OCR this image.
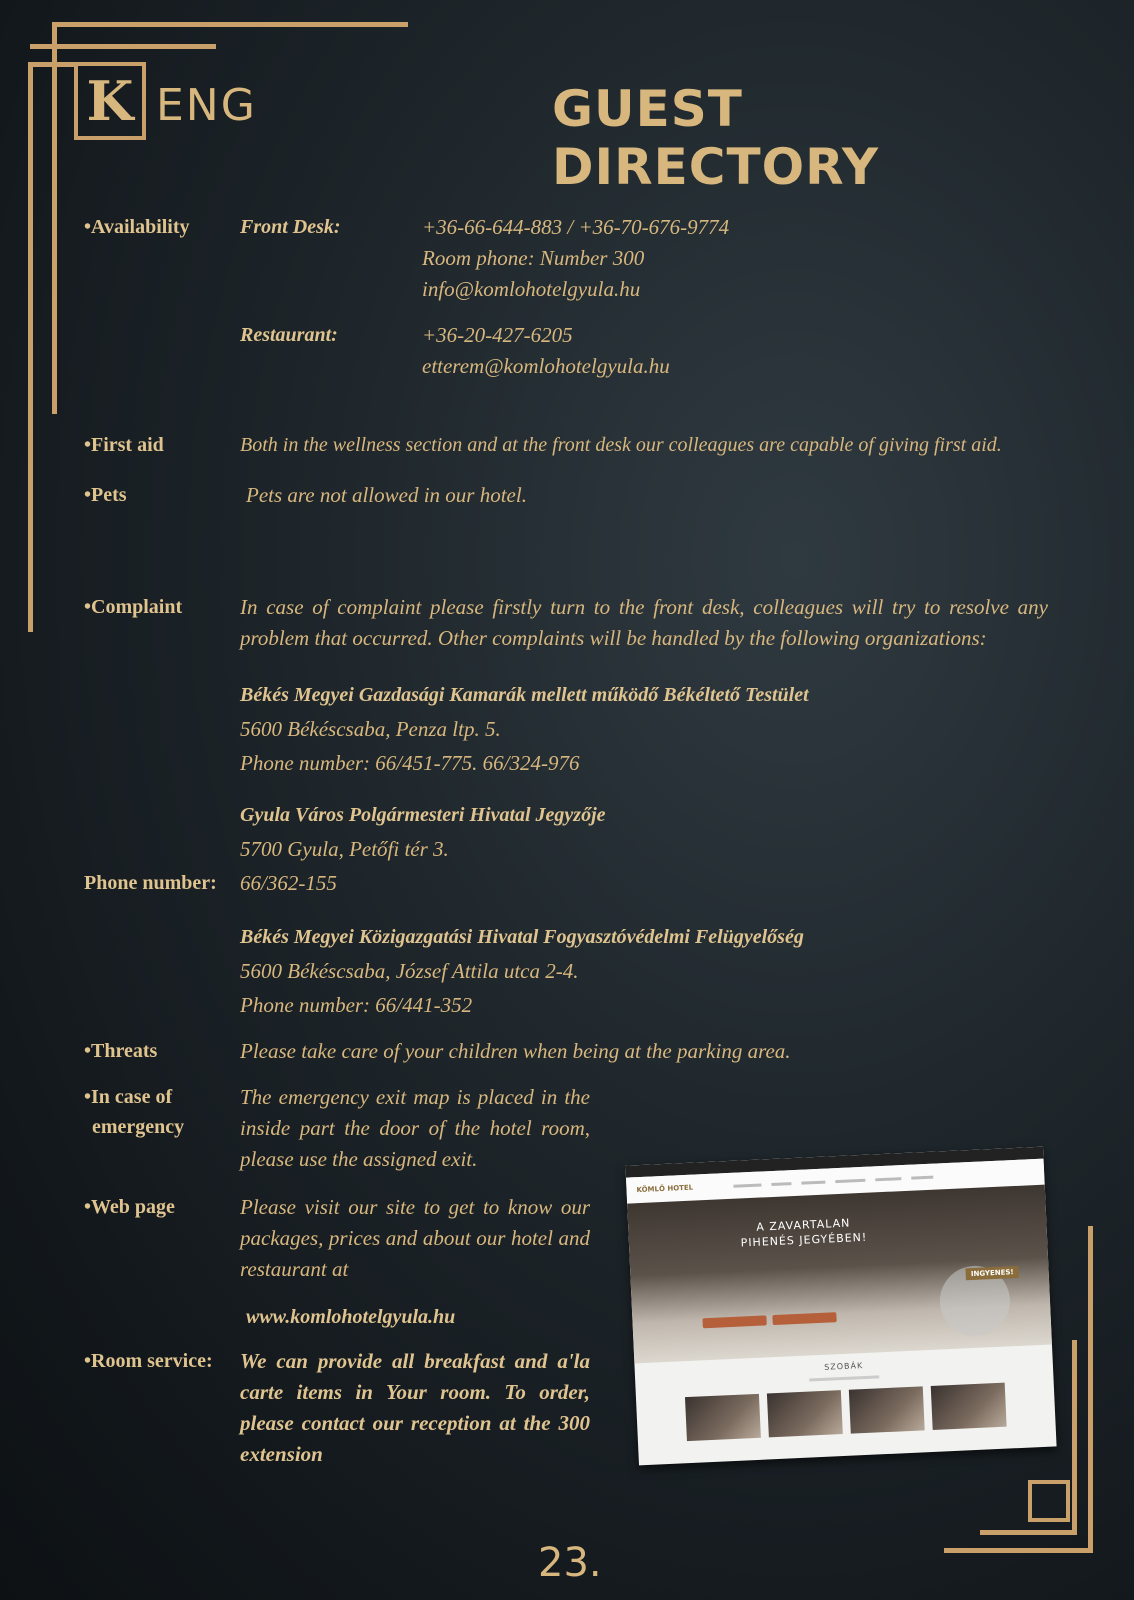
K ENG	GUEST DIRECTORY
•Availability	Front Desk:	+36-66-644-883 / +36-70-676-9774
Room phone: Number 300
info@komlohotelgyula.hu
Restaurant:	+36-20-427-6205
etterem@komlohotelgyula.hu
•First aid	Both in the wellness section and at the front desk our colleagues are capable of giving first aid.
•Pets	Pets are not allowed in our hotel.
•Complaint	In case of complaint please firstly turn to the front desk, colleagues will try to resolve any problem that occurred. Other complaints will be handled by the following organizations:
Békés Megyei Gazdasági Kamarák mellett működő Békéltető Testület
5600 Békéscsaba, Penza ltp. 5.
Phone number: 66/451-775. 66/324-976
Gyula Város Polgármesteri Hivatal Jegyzője
5700 Gyula, Petőfi tér 3.
Phone number: 66/362-155
Békés Megyei Közigazgatási Hivatal Fogyasztóvédelmi Felügyelőség
5600 Békéscsaba, József Attila utca 2-4.
Phone number: 66/441-352
•Threats	Please take care of your children when being at the parking area.
•In case of
emergency
The emergency exit map is placed in the inside part the door of the hotel room, please use the assigned exit.
•Web page	Please visit our site to get to know our packages, prices and about our hotel and restaurant at
www.komlohotelgyula.hu
•Room service: We can provide all breakfast and a'la carte items in Your room. To order, please contact our reception at the 300 extension
KÖMLŐ HOTEL
A ZAVARTALAN PIHENÉS JEGYÉBEN!
INGYENES!
SZOBÁK
23.
